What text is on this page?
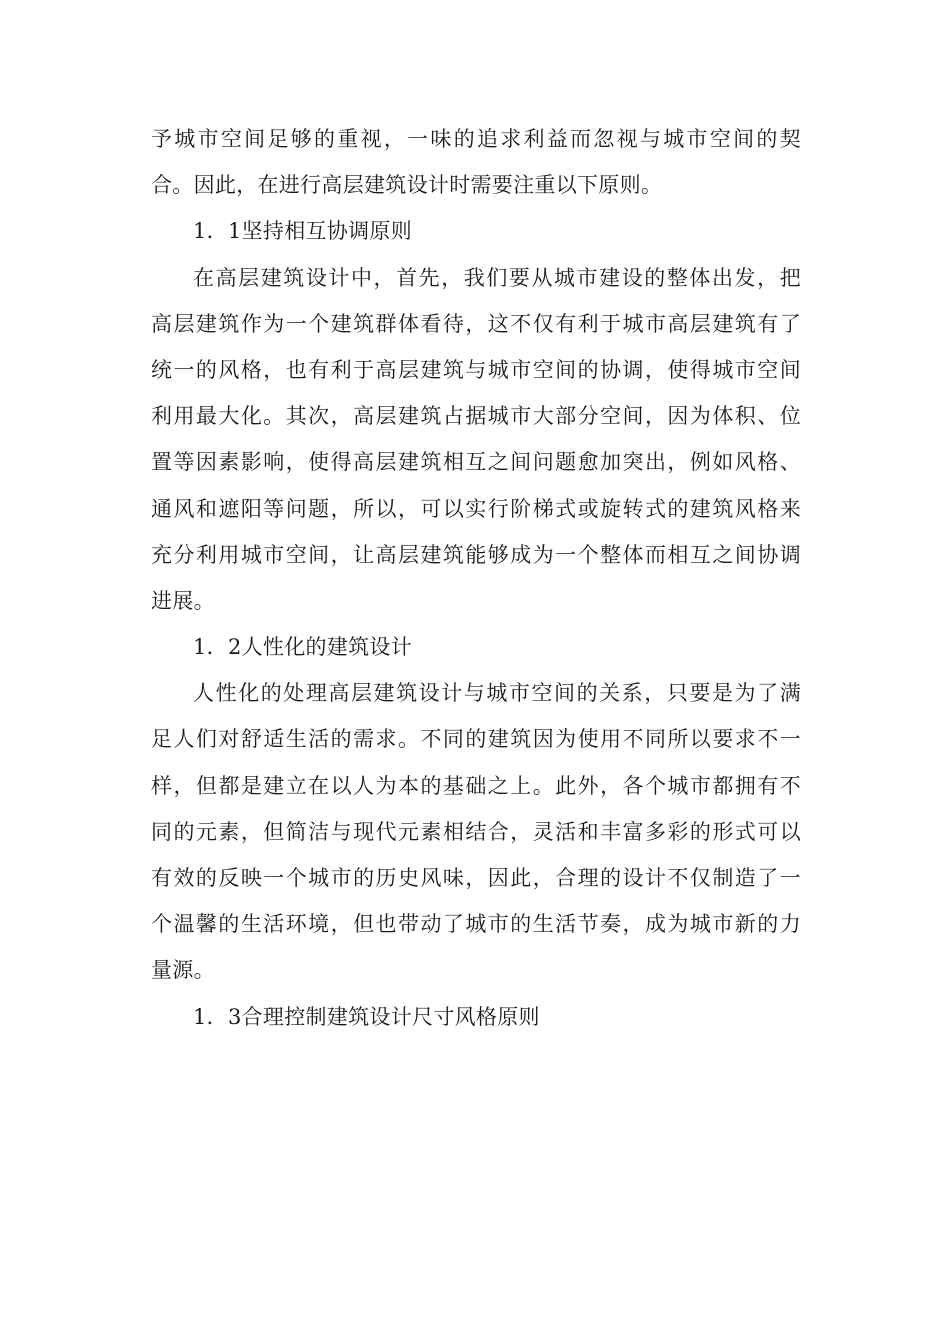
予城市空间足够的重视，一味的追求利益而忽视与城市空间的契
合。因此，在进行高层建筑设计时需要注重以下原则。
1．1坚持相互协调原则
在高层建筑设计中，首先，我们要从城市建设的整体出发，把
高层建筑作为一个建筑群体看待，这不仅有利于城市高层建筑有了
统一的风格，也有利于高层建筑与城市空间的协调，使得城市空间
利用最大化。其次，高层建筑占据城市大部分空间，因为体积、位
置等因素影响，使得高层建筑相互之间问题愈加突出，例如风格、
通风和遮阳等问题，所以，可以实行阶梯式或旋转式的建筑风格来
充分利用城市空间，让高层建筑能够成为一个整体而相互之间协调
进展。
1．2人性化的建筑设计
人性化的处理高层建筑设计与城市空间的关系，只要是为了满
足人们对舒适生活的需求。不同的建筑因为使用不同所以要求不一
样，但都是建立在以人为本的基础之上。此外，各个城市都拥有不
同的元素，但简洁与现代元素相结合，灵活和丰富多彩的形式可以
有效的反映一个城市的历史风味，因此，合理的设计不仅制造了一
个温馨的生活环境，但也带动了城市的生活节奏，成为城市新的力
量源。
1．3合理控制建筑设计尺寸风格原则
